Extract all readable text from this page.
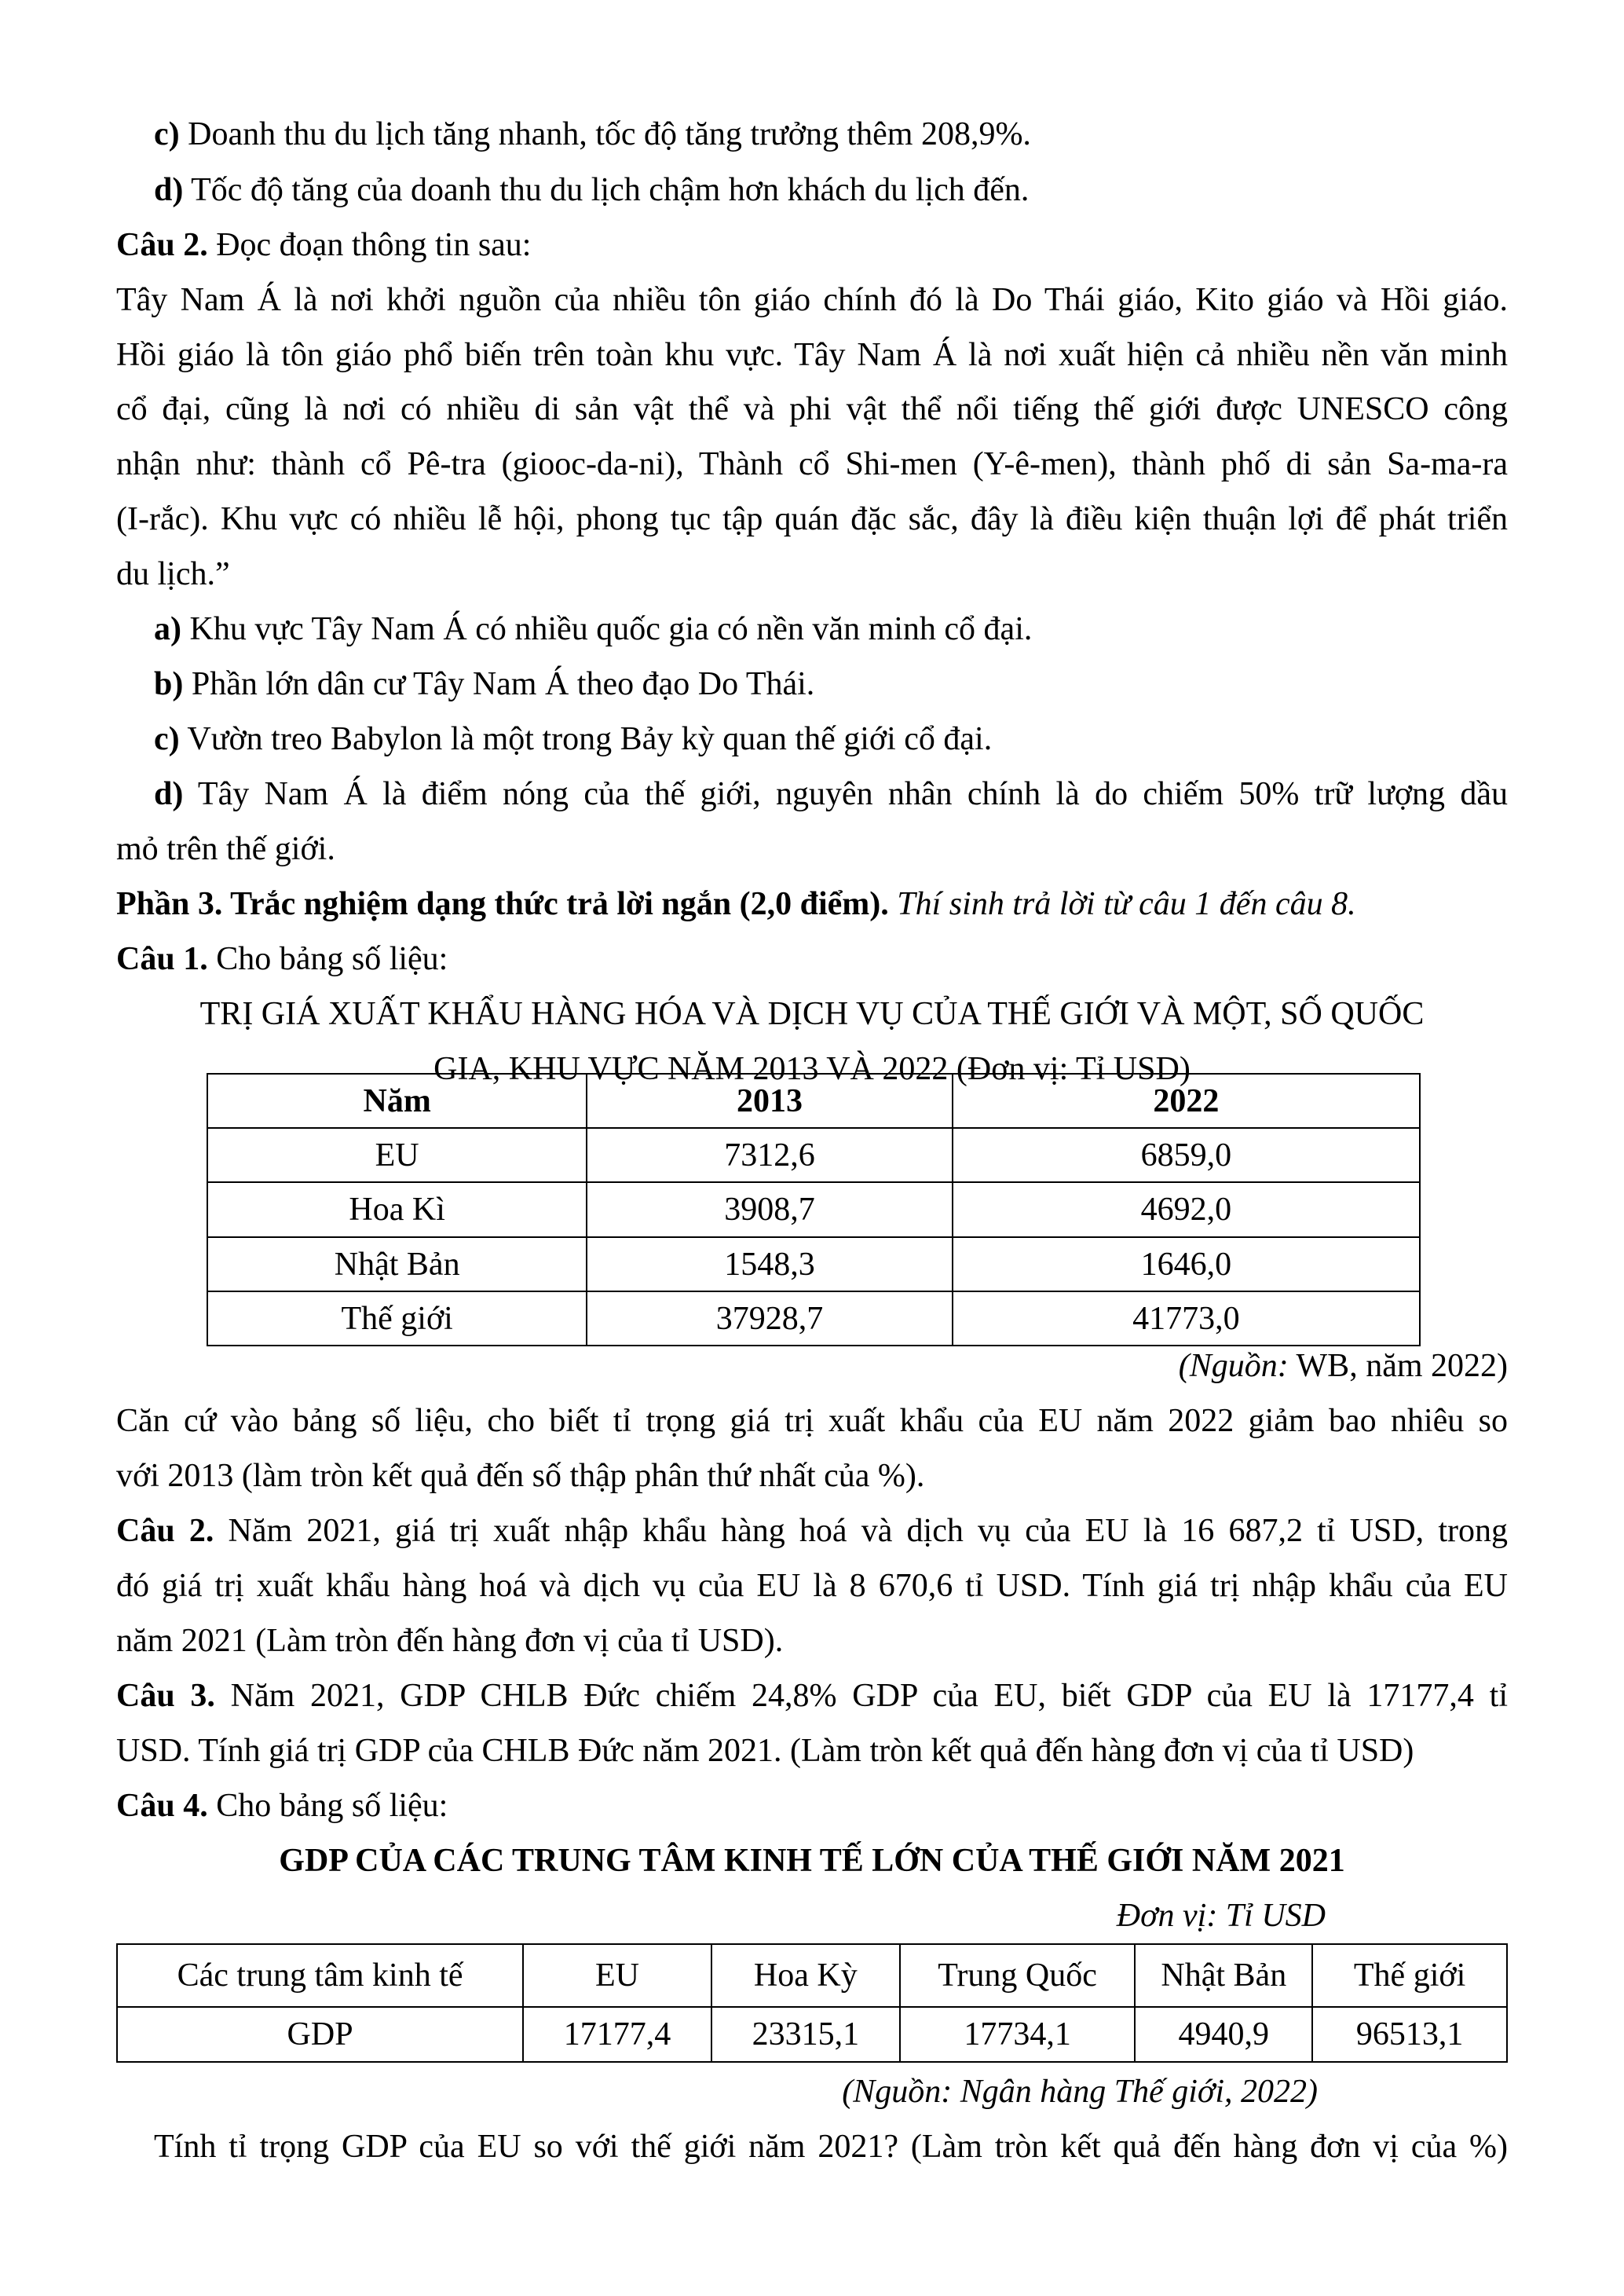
c) Doanh thu du lịch tăng nhanh, tốc độ tăng trưởng thêm 208,9%.
d) Tốc độ tăng của doanh thu du lịch chậm hơn khách du lịch đến.
Câu 2. Đọc đoạn thông tin sau:
Tây Nam Á là nơi khởi nguồn của nhiều tôn giáo chính đó là Do Thái giáo, Kito giáo và Hồi giáo.
Hồi giáo là tôn giáo phổ biến trên toàn khu vực. Tây Nam Á là nơi xuất hiện cả nhiều nền văn minh
cổ đại, cũng là nơi có nhiều di sản vật thể và phi vật thể nổi tiếng thế giới được UNESCO công
nhận như: thành cổ Pê-tra (giooc-da-ni), Thành cổ Shi-men (Y-ê-men), thành phố di sản Sa-ma-ra
(I-rắc). Khu vực có nhiều lễ hội, phong tục tập quán đặc sắc, đây là điều kiện thuận lợi để phát triển
du lịch.”
a) Khu vực Tây Nam Á có nhiều quốc gia có nền văn minh cổ đại.
b) Phần lớn dân cư Tây Nam Á theo đạo Do Thái.
c) Vườn treo Babylon là một trong Bảy kỳ quan thế giới cổ đại.
d) Tây Nam Á là điểm nóng của thế giới, nguyên nhân chính là do chiếm 50% trữ lượng dầu
mỏ trên thế giới.
Phần 3. Trắc nghiệm dạng thức trả lời ngắn (2,0 điểm). Thí sinh trả lời từ câu 1 đến câu 8.
Câu 1. Cho bảng số liệu:
TRỊ GIÁ XUẤT KHẨU HÀNG HÓA VÀ DỊCH VỤ CỦA THẾ GIỚI VÀ MỘT, SỐ QUỐC
GIA, KHU VỰC NĂM 2013 VÀ 2022 (Đơn vị: Tỉ USD)
Năm	2013	2022
EU	7312,6	6859,0
Hoa Kì	3908,7	4692,0
Nhật Bản	1548,3	1646,0
Thế giới	37928,7	41773,0
(Nguồn: WB, năm 2022)
Căn cứ vào bảng số liệu, cho biết tỉ trọng giá trị xuất khẩu của EU năm 2022 giảm bao nhiêu so
với 2013 (làm tròn kết quả đến số thập phân thứ nhất của %).
Câu 2. Năm 2021, giá trị xuất nhập khẩu hàng hoá và dịch vụ của EU là 16 687,2 tỉ USD, trong
đó giá trị xuất khẩu hàng hoá và dịch vụ của EU là 8 670,6 tỉ USD. Tính giá trị nhập khẩu của EU
năm 2021 (Làm tròn đến hàng đơn vị của tỉ USD).
Câu 3. Năm 2021, GDP CHLB Đức chiếm 24,8% GDP của EU, biết GDP của EU là 17177,4 tỉ
USD. Tính giá trị GDP của CHLB Đức năm 2021. (Làm tròn kết quả đến hàng đơn vị của tỉ USD)
Câu 4. Cho bảng số liệu:
GDP CỦA CÁC TRUNG TÂM KINH TẾ LỚN CỦA THẾ GIỚI NĂM 2021
Đơn vị: Tỉ USD
Các trung tâm kinh tế	EU	Hoa Kỳ	Trung Quốc	Nhật Bản	Thế giới
GDP	17177,4	23315,1	17734,1	4940,9	96513,1
(Nguồn: Ngân hàng Thế giới, 2022)
Tính tỉ trọng GDP của EU so với thế giới năm 2021? (Làm tròn kết quả đến hàng đơn vị của %)
